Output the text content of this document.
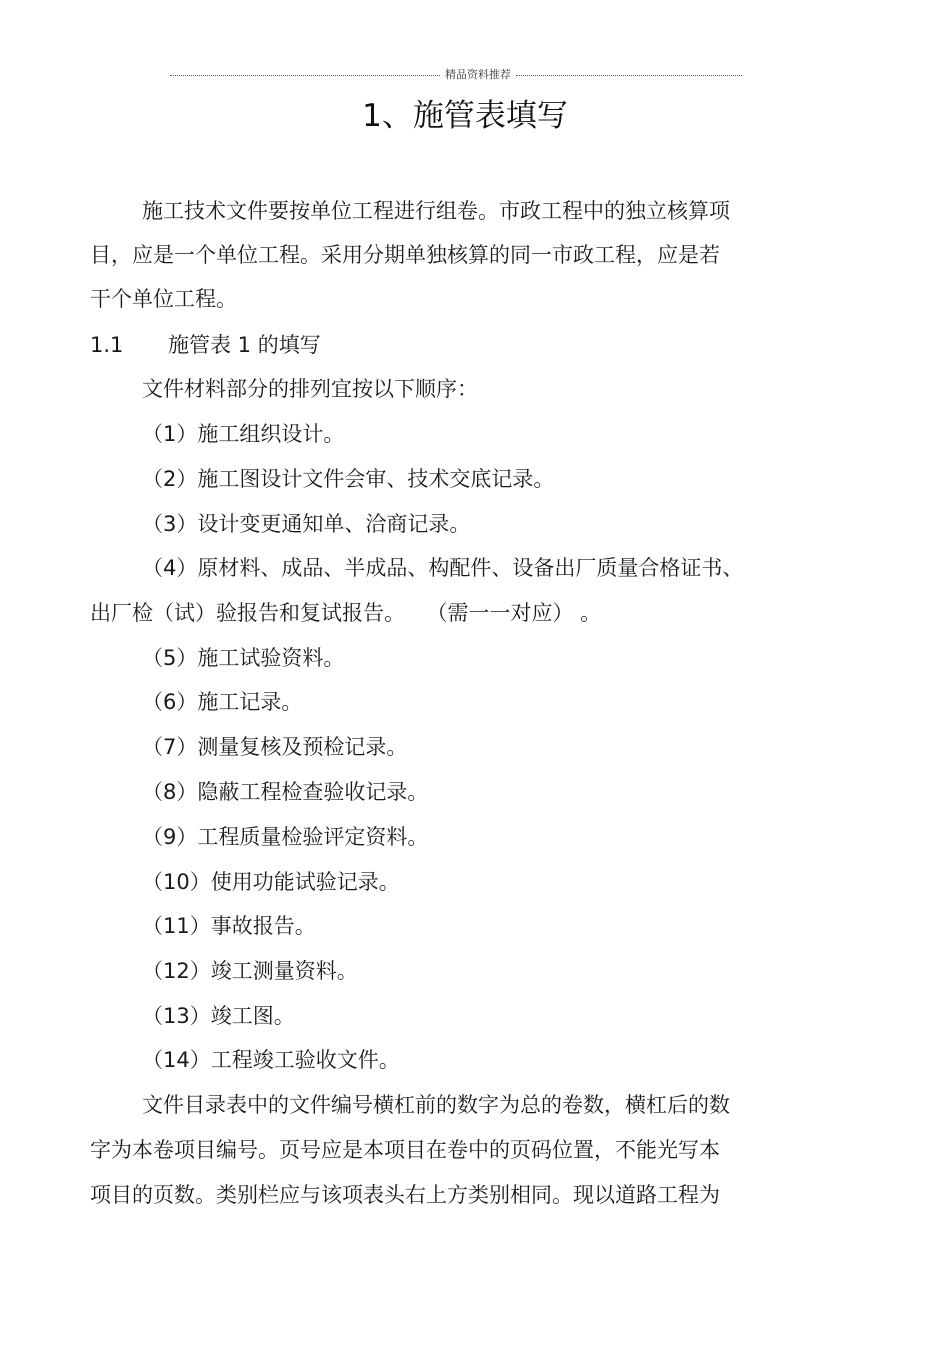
精品资料推荐
1、施管表填写
施工技术文件要按单位工程进行组卷。市政工程中的独立核算项
目，应是一个单位工程。采用分期单独核算的同一市政工程，应是若
干个单位工程。
1.1 施管表 1 的填写
文件材料部分的排列宜按以下顺序：
（1）施工组织设计。
（2）施工图设计文件会审、技术交底记录。
（3）设计变更通知单、洽商记录。
（4）原材料、成品、半成品、构配件、设备出厂质量合格证书、
出厂检（试）验报告和复试报告。 （需一一对应） 。
（5）施工试验资料。
（6）施工记录。
（7）测量复核及预检记录。
（8）隐蔽工程检查验收记录。
（9）工程质量检验评定资料。
（10）使用功能试验记录。
（11）事故报告。
（12）竣工测量资料。
（13）竣工图。
（14）工程竣工验收文件。
文件目录表中的文件编号横杠前的数字为总的卷数，横杠后的数
字为本卷项目编号。页号应是本项目在卷中的页码位置，不能光写本
项目的页数。类别栏应与该项表头右上方类别相同。现以道路工程为
